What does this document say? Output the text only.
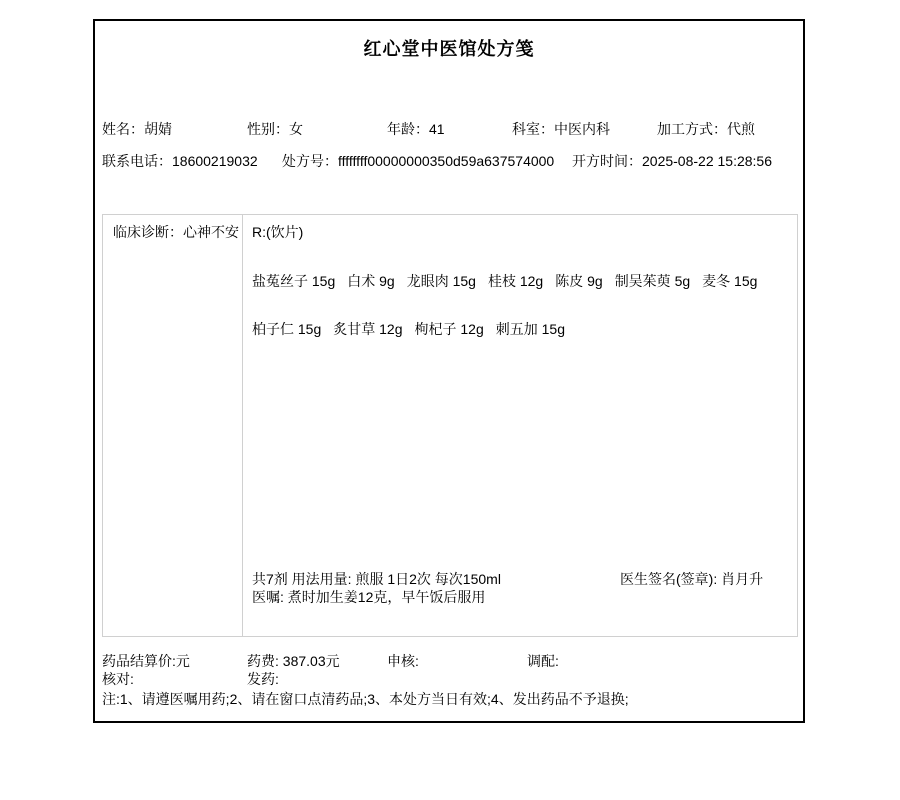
红心堂中医馆处方笺
姓名：胡婧	性别：女	年龄：41	科室：中医内科	加工方式：代煎
联系电话：18600219032	处方号：ffffffff00000000350d59a637574000	开方时间：2025-08-22 15:28:56
临床诊断：心神不安 R:(饮片)
盐菟丝子 15g 白术 9g 龙眼肉 15g 桂枝 12g 陈皮 9g 制吴茱萸 5g 麦冬 15g
柏子仁 15g 炙甘草 12g 枸杞子 12g 刺五加 15g
共7剂 用法用量: 煎服 1日2次 每次150ml	医生签名(签章): 肖月升
医嘱: 煮时加生姜12克，早午饭后服用
药品结算价:元	药费: 387.03元	申核:	调配:
核对:	发药:
注:1、请遵医嘱用药;2、请在窗口点清药品;3、本处方当日有效;4、发出药品不予退换;
